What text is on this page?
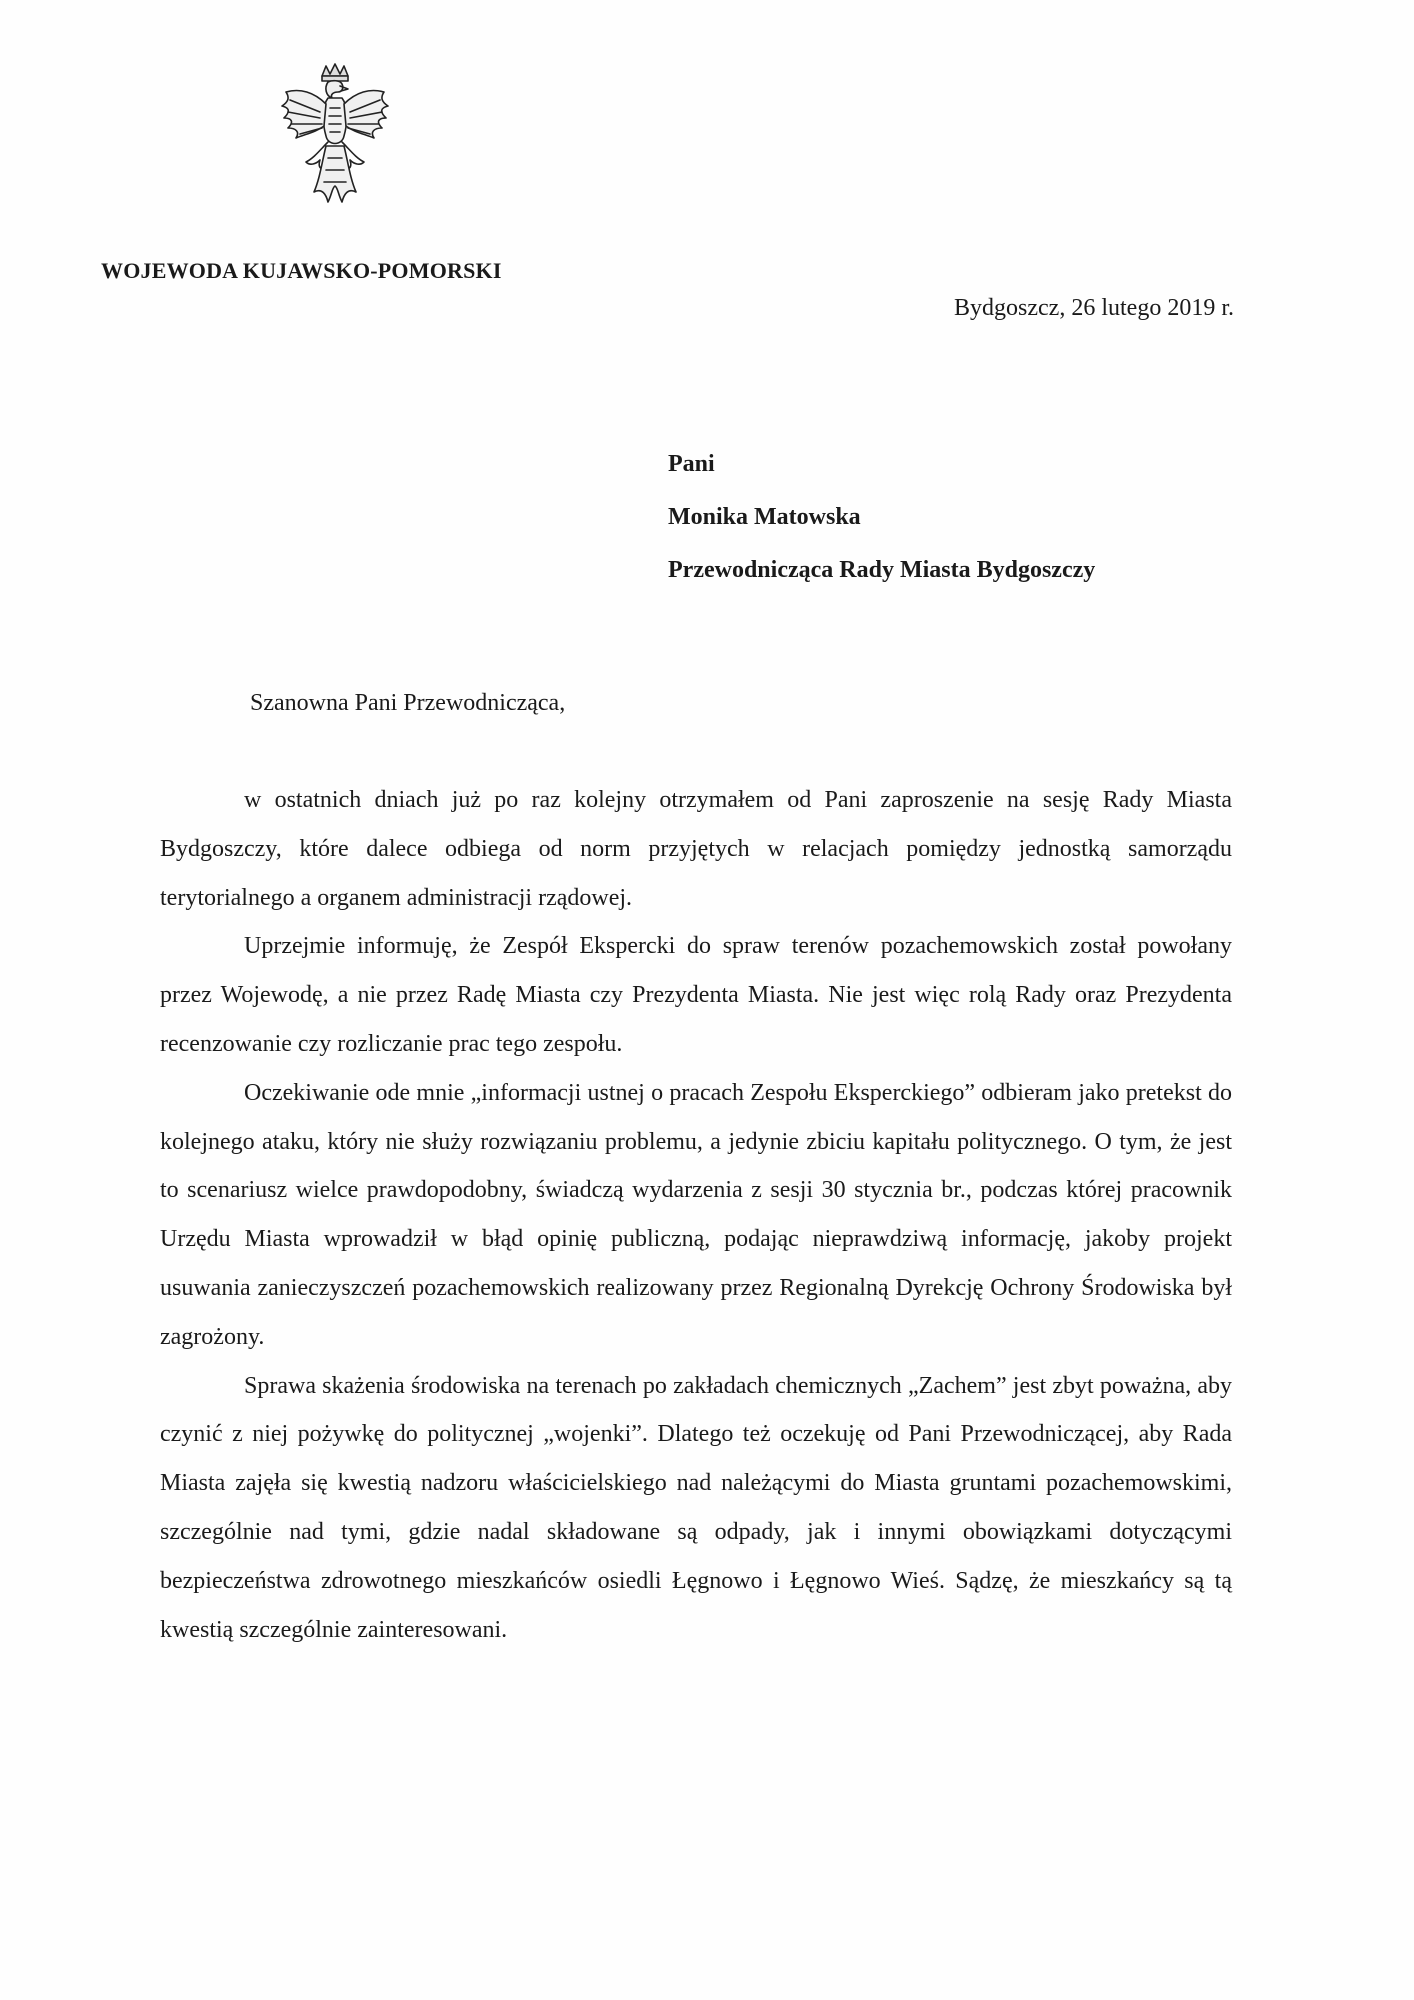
WOJEWODA KUJAWSKO-POMORSKI
Bydgoszcz, 26 lutego 2019 r.
Pani
Monika Matowska
Przewodnicząca Rady Miasta Bydgoszczy
Szanowna Pani Przewodnicząca,

w ostatnich dniach już po raz kolejny otrzymałem od Pani zaproszenie na sesję Rady Miasta Bydgoszczy, które dalece odbiega od norm przyjętych w relacjach pomiędzy jednostką samorządu terytorialnego a organem administracji rządowej.

Uprzejmie informuję, że Zespół Ekspercki do spraw terenów pozachemowskich został powołany przez Wojewodę, a nie przez Radę Miasta czy Prezydenta Miasta. Nie jest więc rolą Rady oraz Prezydenta recenzowanie czy rozliczanie prac tego zespołu.

Oczekiwanie ode mnie „informacji ustnej o pracach Zespołu Eksperckiego” odbieram jako pretekst do kolejnego ataku, który nie służy rozwiązaniu problemu, a jedynie zbiciu kapitału politycznego. O tym, że jest to scenariusz wielce prawdopodobny, świadczą wydarzenia z sesji 30 stycznia br., podczas której pracownik Urzędu Miasta wprowadził w błąd opinię publiczną, podając nieprawdziwą informację, jakoby projekt usuwania zanieczyszczeń pozachemowskich realizowany przez Regionalną Dyrekcję Ochrony Środowiska był zagrożony.

Sprawa skażenia środowiska na terenach po zakładach chemicznych „Zachem” jest zbyt poważna, aby czynić z niej pożywkę do politycznej „wojenki”. Dlatego też oczekuję od Pani Przewodniczącej, aby Rada Miasta zajęła się kwestią nadzoru właścicielskiego nad należącymi do Miasta gruntami pozachemowskimi, szczególnie nad tymi, gdzie nadal składowane są odpady, jak i innymi obowiązkami dotyczącymi bezpieczeństwa zdrowotnego mieszkańców osiedli Łęgnowo i Łęgnowo Wieś. Sądzę, że mieszkańcy są tą kwestią szczególnie zainteresowani.
